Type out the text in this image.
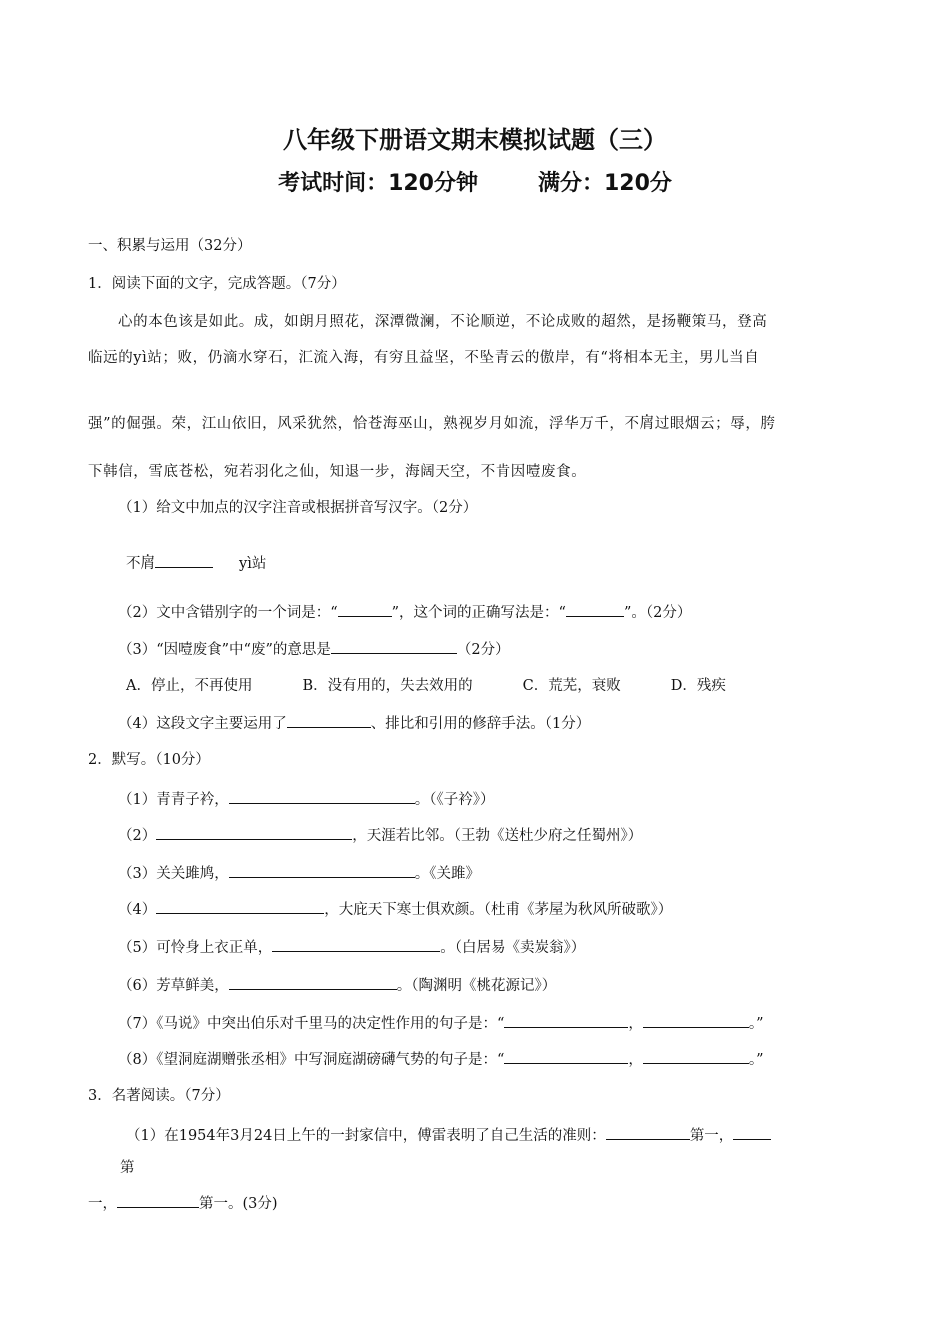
八年级下册语文期末模拟试题（三）
考试时间：120分钟	满分：120分
一、积累与运用（32分）
1．阅读下面的文字，完成答题。（7分）
心的本色该是如此。成，如朗月照花，深潭微澜，不论顺逆，不论成败的超然，是扬鞭策马，登高
临远的yì站；败，仍滴水穿石，汇流入海，有穷且益坚，不坠青云的傲岸，有“将相本无主，男儿当自
强”的倔强。荣，江山依旧，风采犹然，恰苍海巫山，熟视岁月如流，浮华万千，不屑过眼烟云；辱，胯
下韩信，雪底苍松，宛若羽化之仙，知退一步，海阔天空，不肯因噎废食。
（1）给文中加点的汉字注音或根据拼音写汉字。（2分）
不屑	yì站
（2）文中含错别字的一个词是：“	”，这个词的正确写法是：“	”。（2分）
（3）“因噎废食”中“废”的意思是	（2分）
A．停止，不再使用	B．没有用的，失去效用的	C．荒芜，衰败	D．残疾
（4）这段文字主要运用了	、排比和引用的修辞手法。（1分）
2．默写。（10分）
（1）青青子衿，	。（《子衿》）
（2）	，天涯若比邻。（王勃《送杜少府之任蜀州》）
（3）关关雎鸠，	。《关雎》
（4）	，大庇天下寒士俱欢颜。（杜甫《茅屋为秋风所破歌》）
（5）可怜身上衣正单，	。（白居易《卖炭翁》）
（6）芳草鲜美，	。（陶渊明《桃花源记》）
（7）《马说》中突出伯乐对千里马的决定性作用的句子是：“	，	。”
（8）《望洞庭湖赠张丞相》中写洞庭湖磅礴气势的句子是：“	，	。”
3．名著阅读。（7分）
（1）在1954年3月24日上午的一封家信中，傅雷表明了自己生活的准则：	第一，
第
一，	第一。(3分)
